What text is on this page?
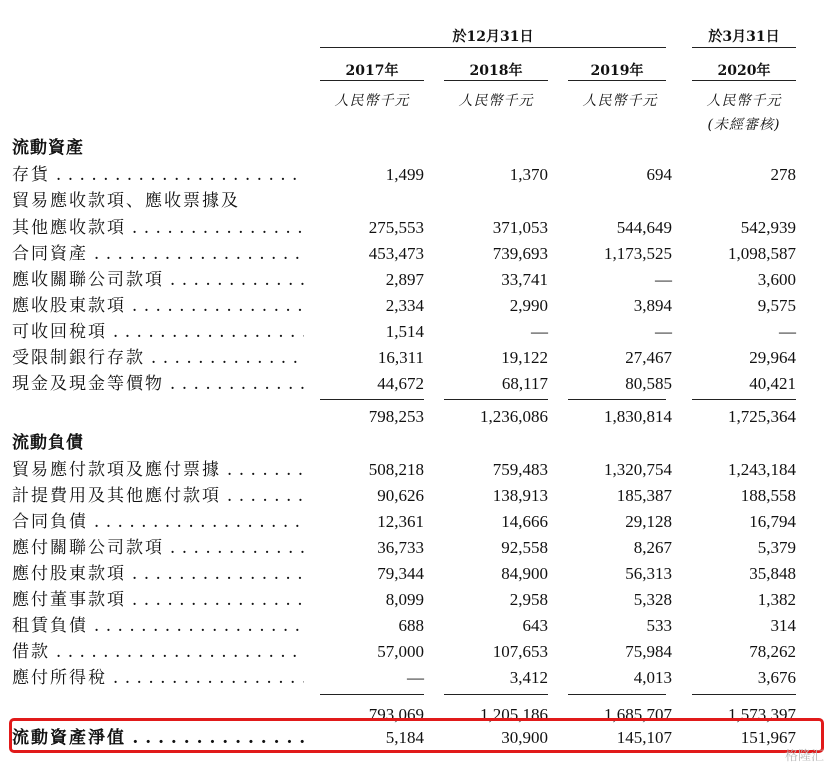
於12月31日	於3月31日
2017年	2018年	2019年	2020年
人民幣千元	人民幣千元	人民幣千元	人民幣千元
(未經審核)
流動資產
存貨 . . .	1,499	1,370	694	278
貿易應收款項、應收票據及
其他應收款項 . . .	275,553	371,053	544,649	542,939
合同資產 . . .	453,473	739,693	1,173,525	1,098,587
應收關聯公司款項 . . .	2,897	33,741	—	3,600
應收股東款項 . . .	2,334	2,990	3,894	9,575
可收回稅項 . . .	1,514	—	—	—
受限制銀行存款 . . .	16,311	19,122	27,467	29,964
現金及現金等價物 . . .	44,672	68,117	80,585	40,421
798,253	1,236,086	1,830,814	1,725,364
流動負債
貿易應付款項及應付票據 . . .	508,218	759,483	1,320,754	1,243,184
計提費用及其他應付款項 . . .	90,626	138,913	185,387	188,558
合同負債 . . .	12,361	14,666	29,128	16,794
應付關聯公司款項 . . .	36,733	92,558	8,267	5,379
應付股東款項 . . .	79,344	84,900	56,313	35,848
應付董事款項 . . .	8,099	2,958	5,328	1,382
租賃負債 . . .	688	643	533	314
借款 . . .	57,000	107,653	75,984	78,262
應付所得稅 . . .	—	3,412	4,013	3,676
793,069	1,205,186	1,685,707	1,573,397
流動資產淨值 . . .	5,184	30,900	145,107	151,967
格隆汇
